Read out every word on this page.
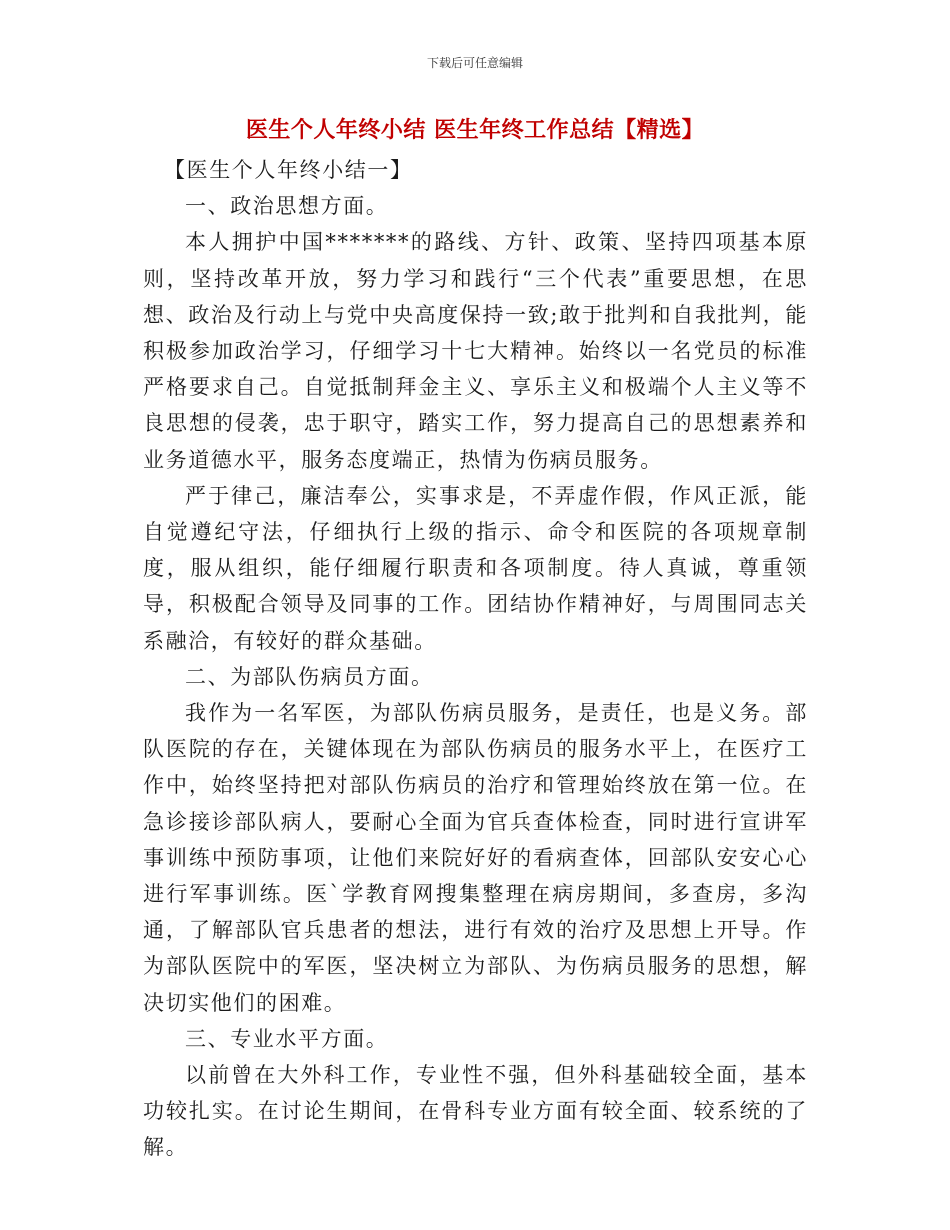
下载后可任意编辑
医生个人年终小结 医生年终工作总结【精选】

【医生个人年终小结一】

一、政治思想方面。

本人拥护中国*******的路线、方针、政策、坚持四项基本原则，坚持改革开放，努力学习和践行“三个代表”重要思想，在思想、政治及行动上与党中央高度保持一致;敢于批判和自我批判，能积极参加政治学习，仔细学习十七大精神。始终以一名党员的标准严格要求自己。自觉抵制拜金主义、享乐主义和极端个人主义等不良思想的侵袭，忠于职守，踏实工作，努力提高自己的思想素养和业务道德水平，服务态度端正，热情为伤病员服务。

严于律己，廉洁奉公，实事求是，不弄虚作假，作风正派，能自觉遵纪守法，仔细执行上级的指示、命令和医院的各项规章制度，服从组织，能仔细履行职责和各项制度。待人真诚，尊重领导，积极配合领导及同事的工作。团结协作精神好，与周围同志关系融洽，有较好的群众基础。

二、为部队伤病员方面。

我作为一名军医，为部队伤病员服务，是责任，也是义务。部队医院的存在，关键体现在为部队伤病员的服务水平上，在医疗工作中，始终坚持把对部队伤病员的治疗和管理始终放在第一位。在急诊接诊部队病人，要耐心全面为官兵查体检查，同时进行宣讲军事训练中预防事项，让他们来院好好的看病查体，回部队安安心心进行军事训练。医`学教育网搜集整理在病房期间，多查房，多沟通，了解部队官兵患者的想法，进行有效的治疗及思想上开导。作为部队医院中的军医，坚决树立为部队、为伤病员服务的思想，解决切实他们的困难。

三、专业水平方面。

以前曾在大外科工作，专业性不强，但外科基础较全面，基本功较扎实。在讨论生期间，在骨科专业方面有较全面、较系统的了解。
